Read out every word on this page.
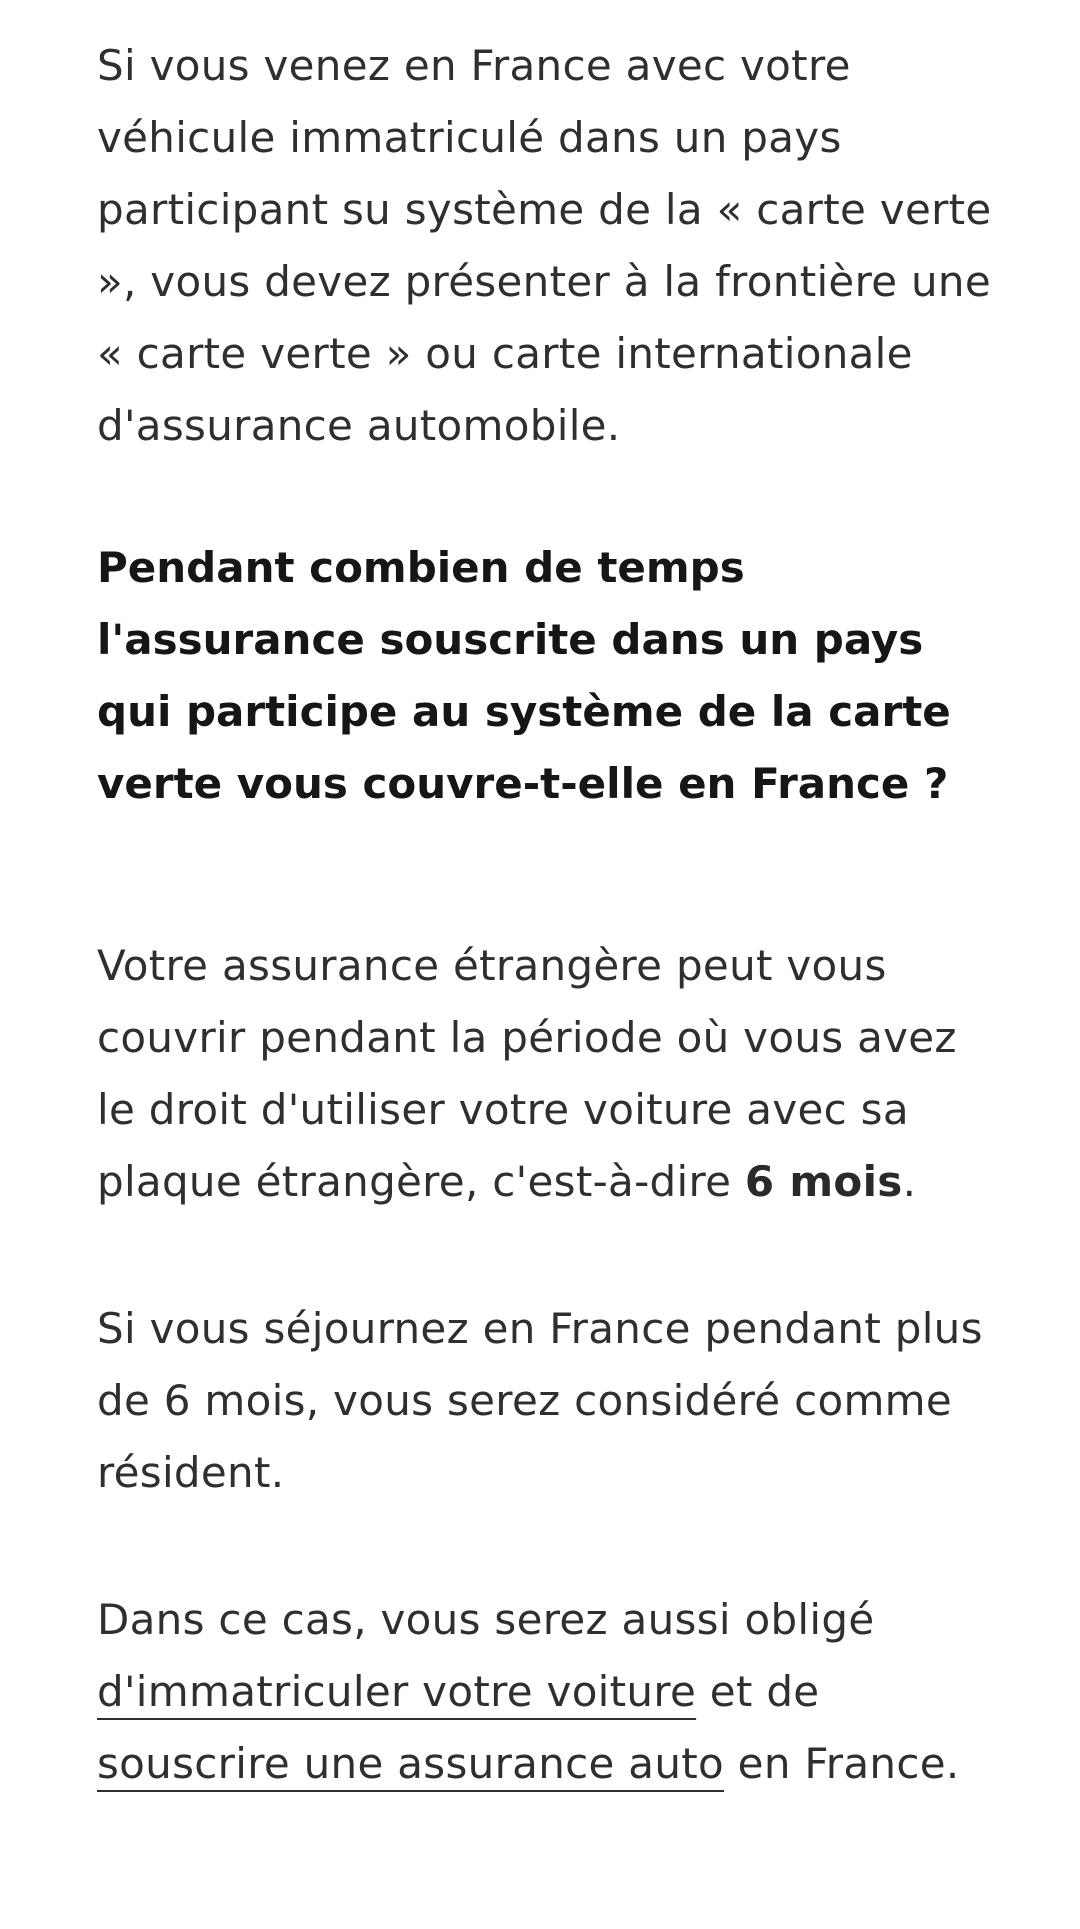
Si vous venez en France avec votre véhicule immatriculé dans un pays participant su système de la « carte verte », vous devez présenter à la frontière une « carte verte » ou carte internationale d'assurance automobile.

Pendant combien de temps l'assurance souscrite dans un pays qui participe au système de la carte verte vous couvre-t-elle en France ?

Votre assurance étrangère peut vous couvrir pendant la période où vous avez le droit d'utiliser votre voiture avec sa plaque étrangère, c'est-à-dire 6 mois.

Si vous séjournez en France pendant plus de 6 mois, vous serez considéré comme résident.

Dans ce cas, vous serez aussi obligé d'immatriculer votre voiture et de souscrire une assurance auto en France.
